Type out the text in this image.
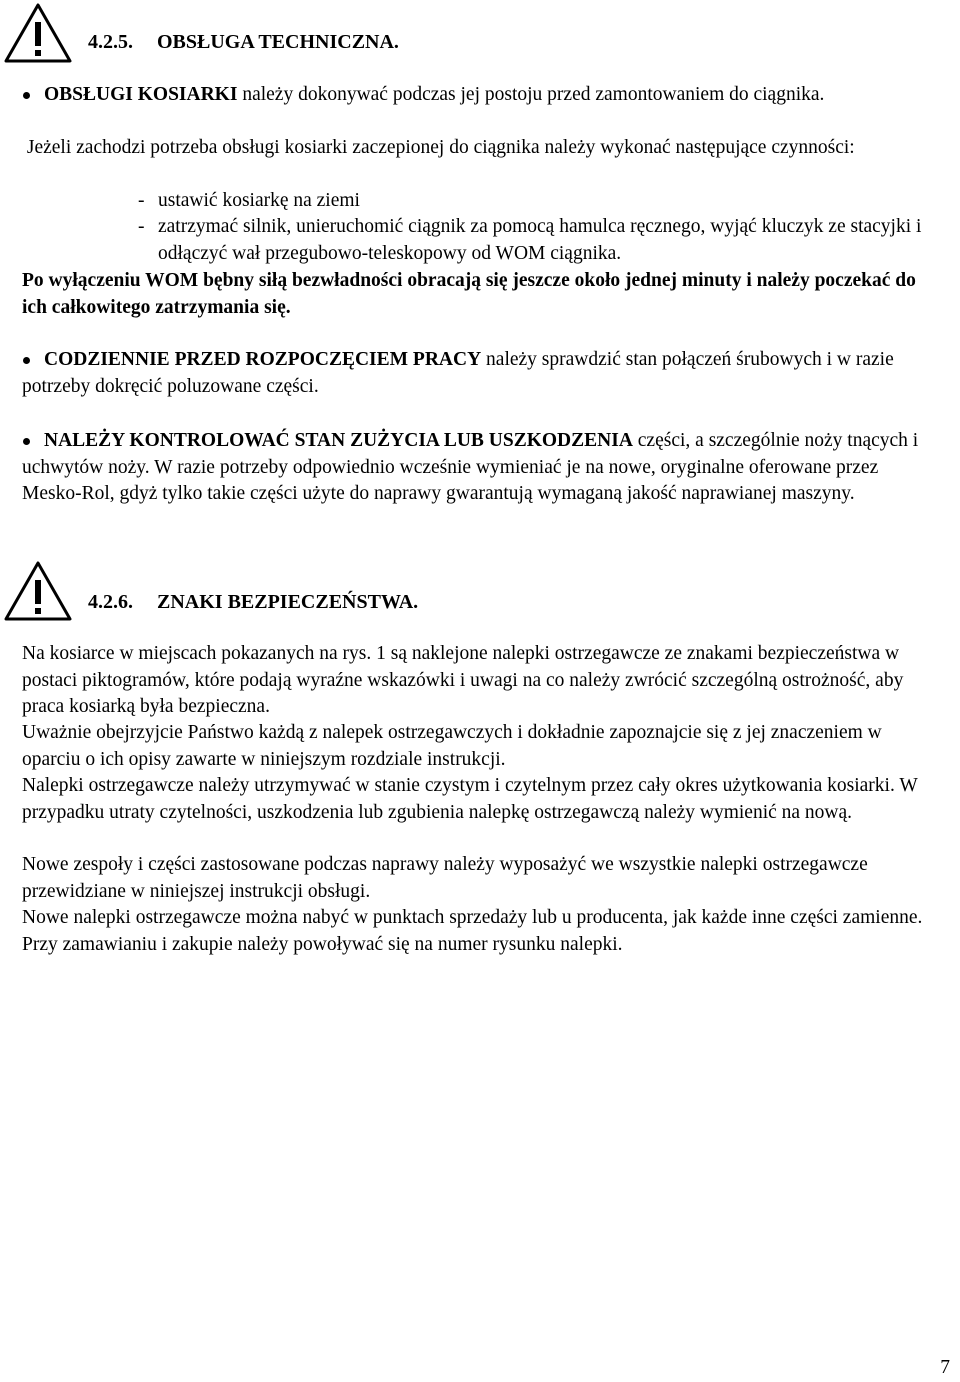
4.2.5. OBSŁUGA TECHNICZNA.
OBSŁUGI KOSIARKI należy dokonywać podczas jej postoju przed zamontowaniem do ciągnika.
Jeżeli zachodzi potrzeba obsługi kosiarki zaczepionej do ciągnika należy wykonać następujące czynności:
- ustawić kosiarkę na ziemi
- zatrzymać silnik, unieruchomić ciągnik za pomocą hamulca ręcznego, wyjąć kluczyk ze stacyjki i odłączyć wał przegubowo-teleskopowy od WOM ciągnika.
Po wyłączeniu WOM bębny siłą bezwładności obracają się jeszcze około jednej minuty i należy poczekać do ich całkowitego zatrzymania się.
CODZIENNIE PRZED ROZPOCZĘCIEM PRACY należy sprawdzić stan połączeń śrubowych i w razie potrzeby dokręcić poluzowane części.
NALEŻY KONTROLOWAĆ STAN ZUŻYCIA LUB USZKODZENIA części, a szczególnie noży tnących i uchwytów noży. W razie potrzeby odpowiednio wcześnie wymieniać je na nowe, oryginalne oferowane przez Mesko-Rol, gdyż tylko takie części użyte do naprawy gwarantują wymaganą jakość naprawianej maszyny.
4.2.6. ZNAKI BEZPIECZEŃSTWA.
Na kosiarce w miejscach pokazanych na rys. 1 są naklejone nalepki ostrzegawcze ze znakami bezpieczeństwa w postaci piktogramów, które podają wyraźne wskazówki i uwagi na co należy zwrócić szczególną ostrożność, aby praca kosiarką była bezpieczna.
Uważnie obejrzyjcie Państwo każdą z nalepek ostrzegawczych i dokładnie zapoznajcie się z jej znaczeniem w oparciu o ich opisy zawarte w niniejszym rozdziale instrukcji.
Nalepki ostrzegawcze należy utrzymywać w stanie czystym i czytelnym przez cały okres użytkowania kosiarki. W przypadku utraty czytelności, uszkodzenia lub zgubienia nalepkę ostrzegawczą należy wymienić na nową.
Nowe zespoły i części zastosowane podczas naprawy należy wyposażyć we wszystkie nalepki ostrzegawcze przewidziane w niniejszej instrukcji obsługi.
Nowe nalepki ostrzegawcze można nabyć w punktach sprzedaży lub u producenta, jak każde inne części zamienne. Przy zamawianiu i zakupie należy powoływać się na numer rysunku nalepki.
7
